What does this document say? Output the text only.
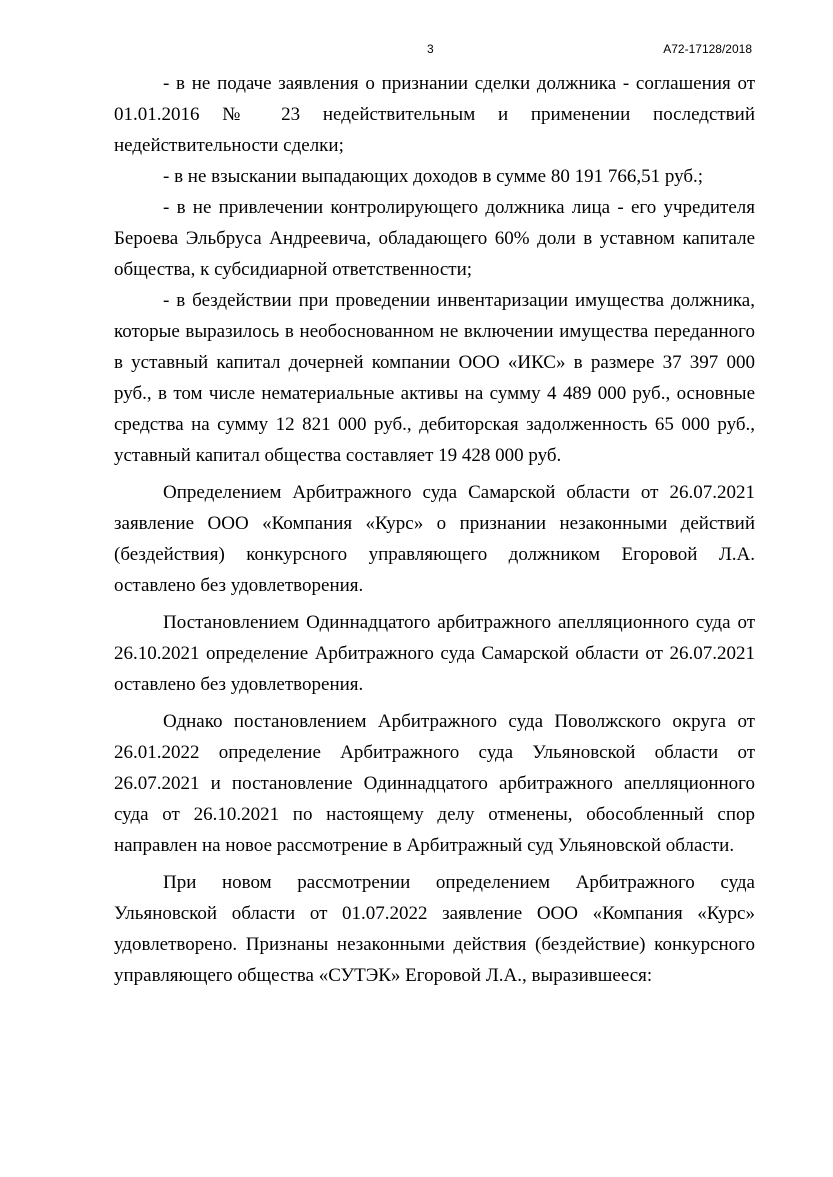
3	А72-17128/2018

- в не подаче заявления о признании сделки должника - соглашения от 01.01.2016 № 23 недействительным и применении последствий недействительности сделки;

- в не взыскании выпадающих доходов в сумме 80 191 766,51 руб.;

- в не привлечении контролирующего должника лица - его учредителя Бероева Эльбруса Андреевича, обладающего 60% доли в уставном капитале общества, к субсидиарной ответственности;

- в бездействии при проведении инвентаризации имущества должника, которые выразилось в необоснованном не включении имущества переданного в уставный капитал дочерней компании ООО «ИКС» в размере 37 397 000 руб., в том числе нематериальные активы на сумму 4 489 000 руб., основные средства на сумму 12 821 000 руб., дебиторская задолженность 65 000 руб., уставный капитал общества составляет 19 428 000 руб.

Определением Арбитражного суда Самарской области от 26.07.2021 заявление ООО «Компания «Курс» о признании незаконными действий (бездействия) конкурсного управляющего должником Егоровой Л.А. оставлено без удовлетворения.

Постановлением Одиннадцатого арбитражного апелляционного суда от 26.10.2021 определение Арбитражного суда Самарской области от 26.07.2021 оставлено без удовлетворения.

Однако постановлением Арбитражного суда Поволжского округа от 26.01.2022 определение Арбитражного суда Ульяновской области от 26.07.2021 и постановление Одиннадцатого арбитражного апелляционного суда от 26.10.2021 по настоящему делу отменены, обособленный спор направлен на новое рассмотрение в Арбитражный суд Ульяновской области.

При новом рассмотрении определением Арбитражного суда Ульяновской области от 01.07.2022 заявление ООО «Компания «Курс» удовлетворено. Признаны незаконными действия (бездействие) конкурсного управляющего общества «СУТЭК» Егоровой Л.А., выразившееся:
